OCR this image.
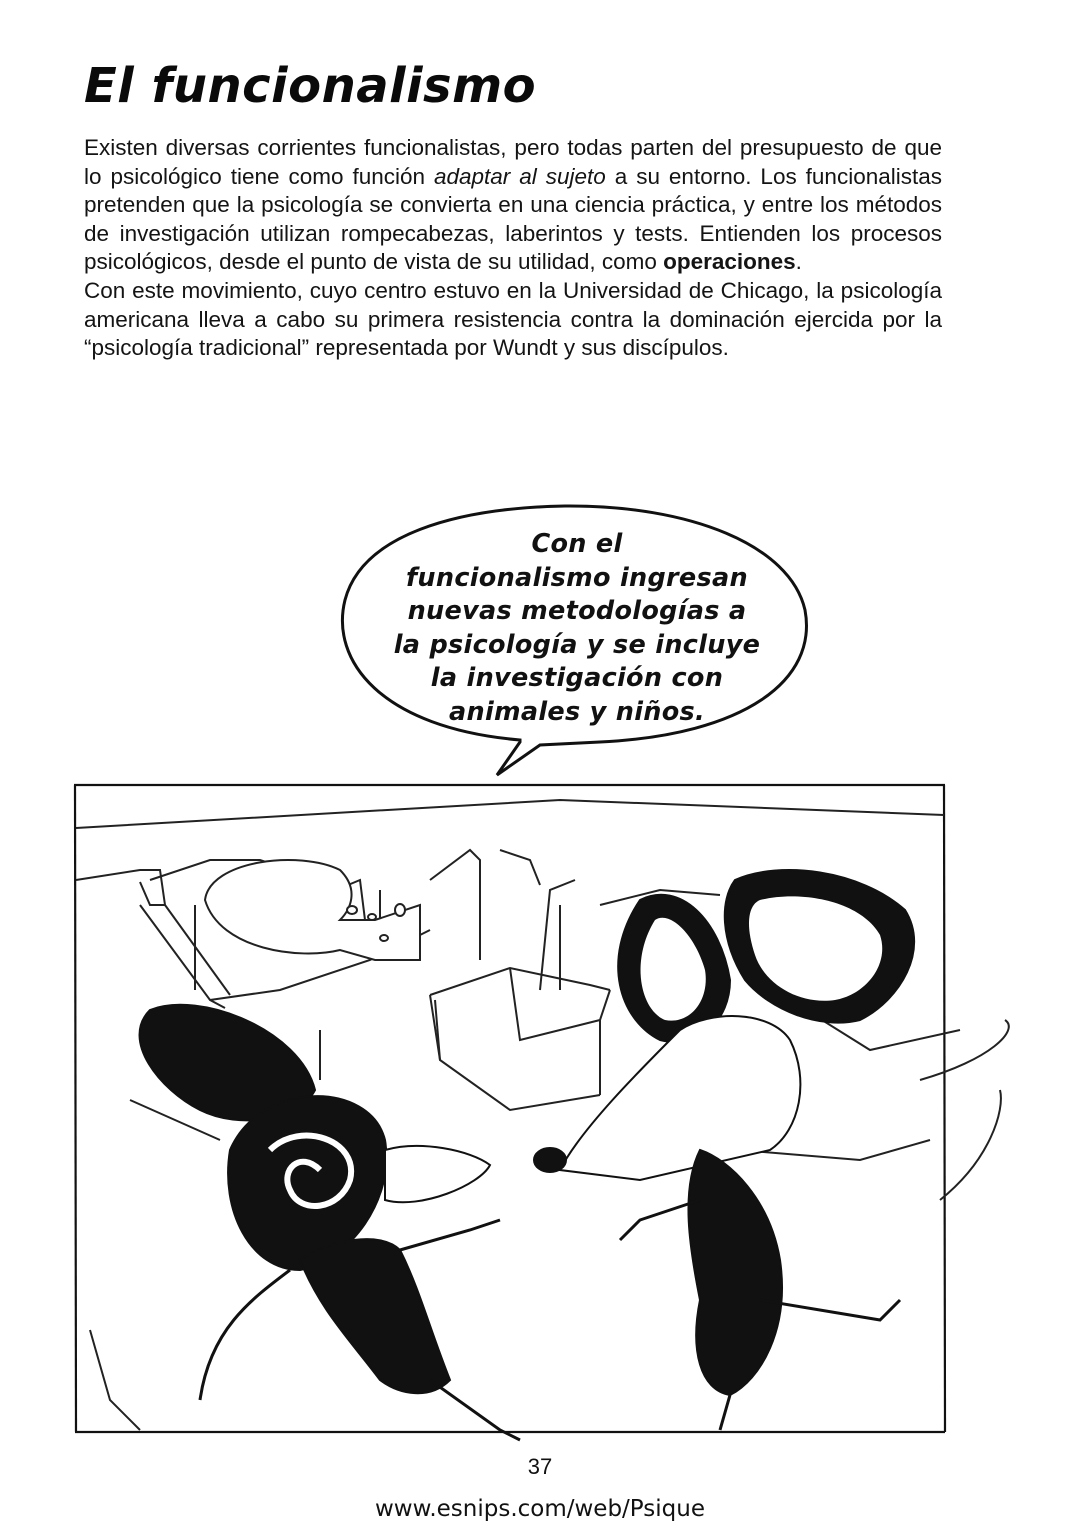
El funcionalismo

Existen diversas corrientes funcionalistas, pero todas parten del presupuesto de que lo psicológico tiene como función adaptar al sujeto a su entorno. Los funcionalistas pretenden que la psicología se convierta en una ciencia práctica, y entre los métodos de investigación utilizan rompecabezas, laberintos y tests. Entienden los procesos psicológicos, desde el punto de vista de su utilidad, como operaciones.

Con este movimiento, cuyo centro estuvo en la Universidad de Chicago, la psicología americana lleva a cabo su primera resistencia contra la dominación ejercida por la “psicología tradicional” representada por Wundt y sus discípulos.

Con el
funcionalismo ingresan
nuevas metodologías a
la psicología y se incluye
la investigación con
animales y niños.
37
www.esnips.com/web/Psique
